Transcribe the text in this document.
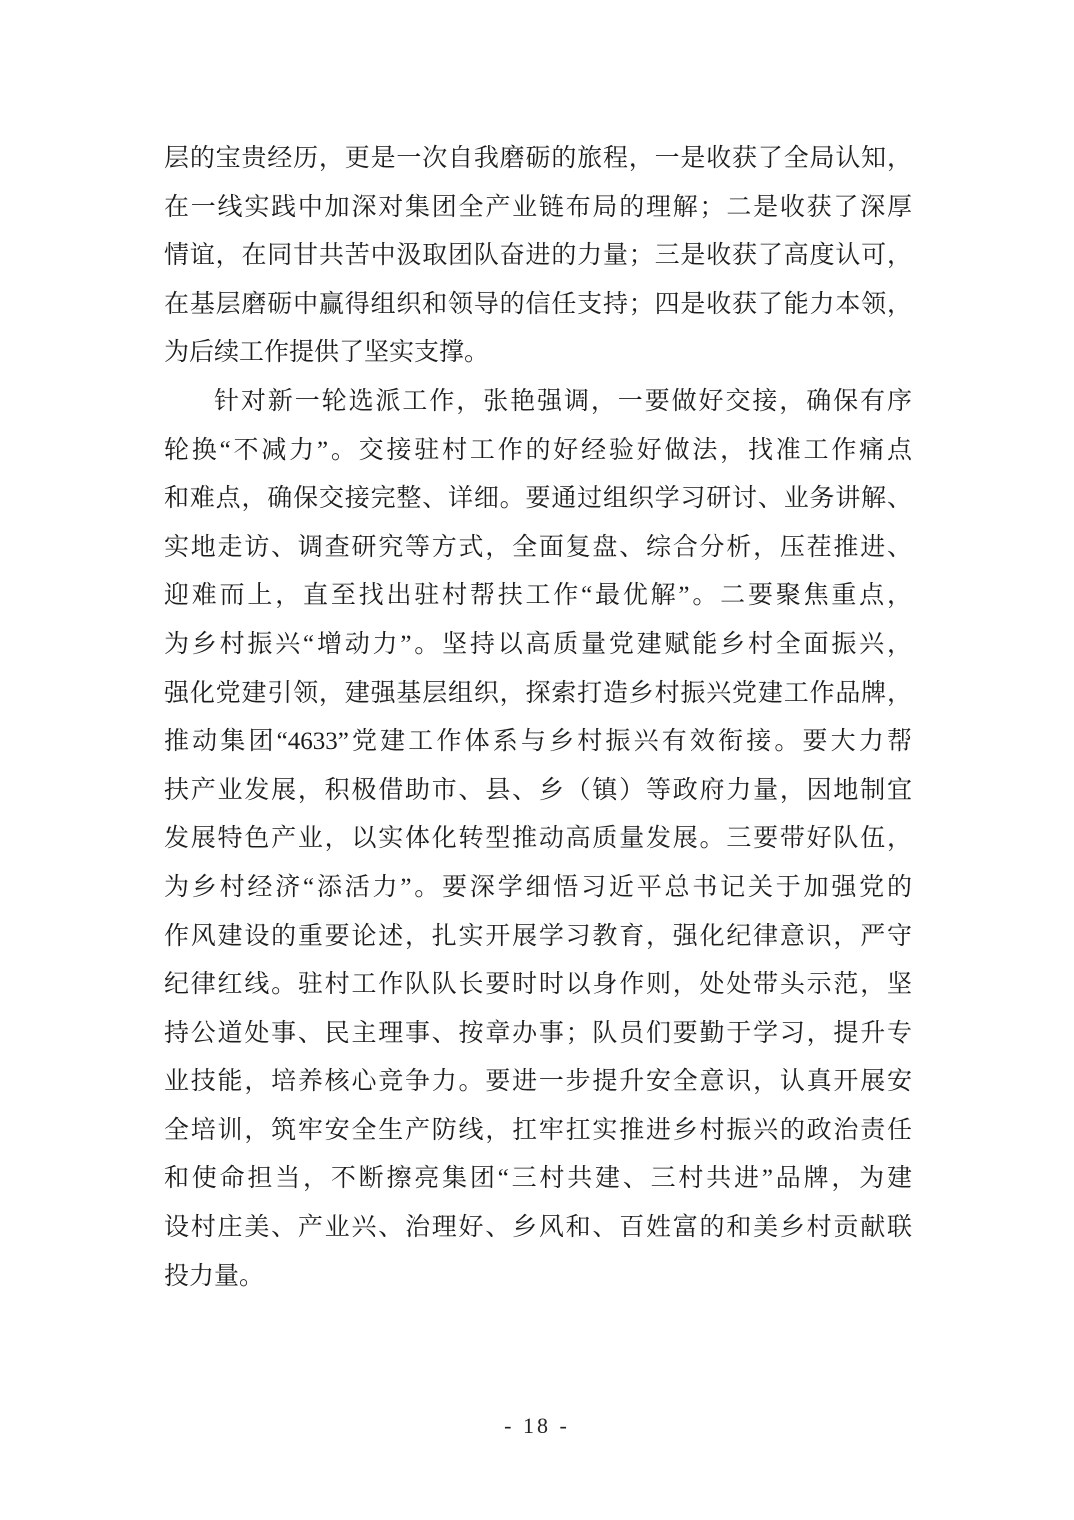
层的宝贵经历，更是一次自我磨砺的旅程，一是收获了全局认知，
在一线实践中加深对集团全产业链布局的理解；二是收获了深厚
情谊，在同甘共苦中汲取团队奋进的力量；三是收获了高度认可，
在基层磨砺中赢得组织和领导的信任支持；四是收获了能力本领，
为后续工作提供了坚实支撑。
针对新一轮选派工作，张艳强调，一要做好交接，确保有序
轮换“不减力”。交接驻村工作的好经验好做法，找准工作痛点
和难点，确保交接完整、详细。要通过组织学习研讨、业务讲解、
实地走访、调查研究等方式，全面复盘、综合分析，压茬推进、
迎难而上，直至找出驻村帮扶工作“最优解”。二要聚焦重点，
为乡村振兴“增动力”。坚持以高质量党建赋能乡村全面振兴，
强化党建引领，建强基层组织，探索打造乡村振兴党建工作品牌，
推动集团“4633”党建工作体系与乡村振兴有效衔接。要大力帮
扶产业发展，积极借助市、县、乡（镇）等政府力量，因地制宜
发展特色产业，以实体化转型推动高质量发展。三要带好队伍，
为乡村经济“添活力”。要深学细悟习近平总书记关于加强党的
作风建设的重要论述，扎实开展学习教育，强化纪律意识，严守
纪律红线。驻村工作队队长要时时以身作则，处处带头示范，坚
持公道处事、民主理事、按章办事；队员们要勤于学习，提升专
业技能，培养核心竞争力。要进一步提升安全意识，认真开展安
全培训，筑牢安全生产防线，扛牢扛实推进乡村振兴的政治责任
和使命担当，不断擦亮集团“三村共建、三村共进”品牌，为建
设村庄美、产业兴、治理好、乡风和、百姓富的和美乡村贡献联
投力量。
- 18 -
